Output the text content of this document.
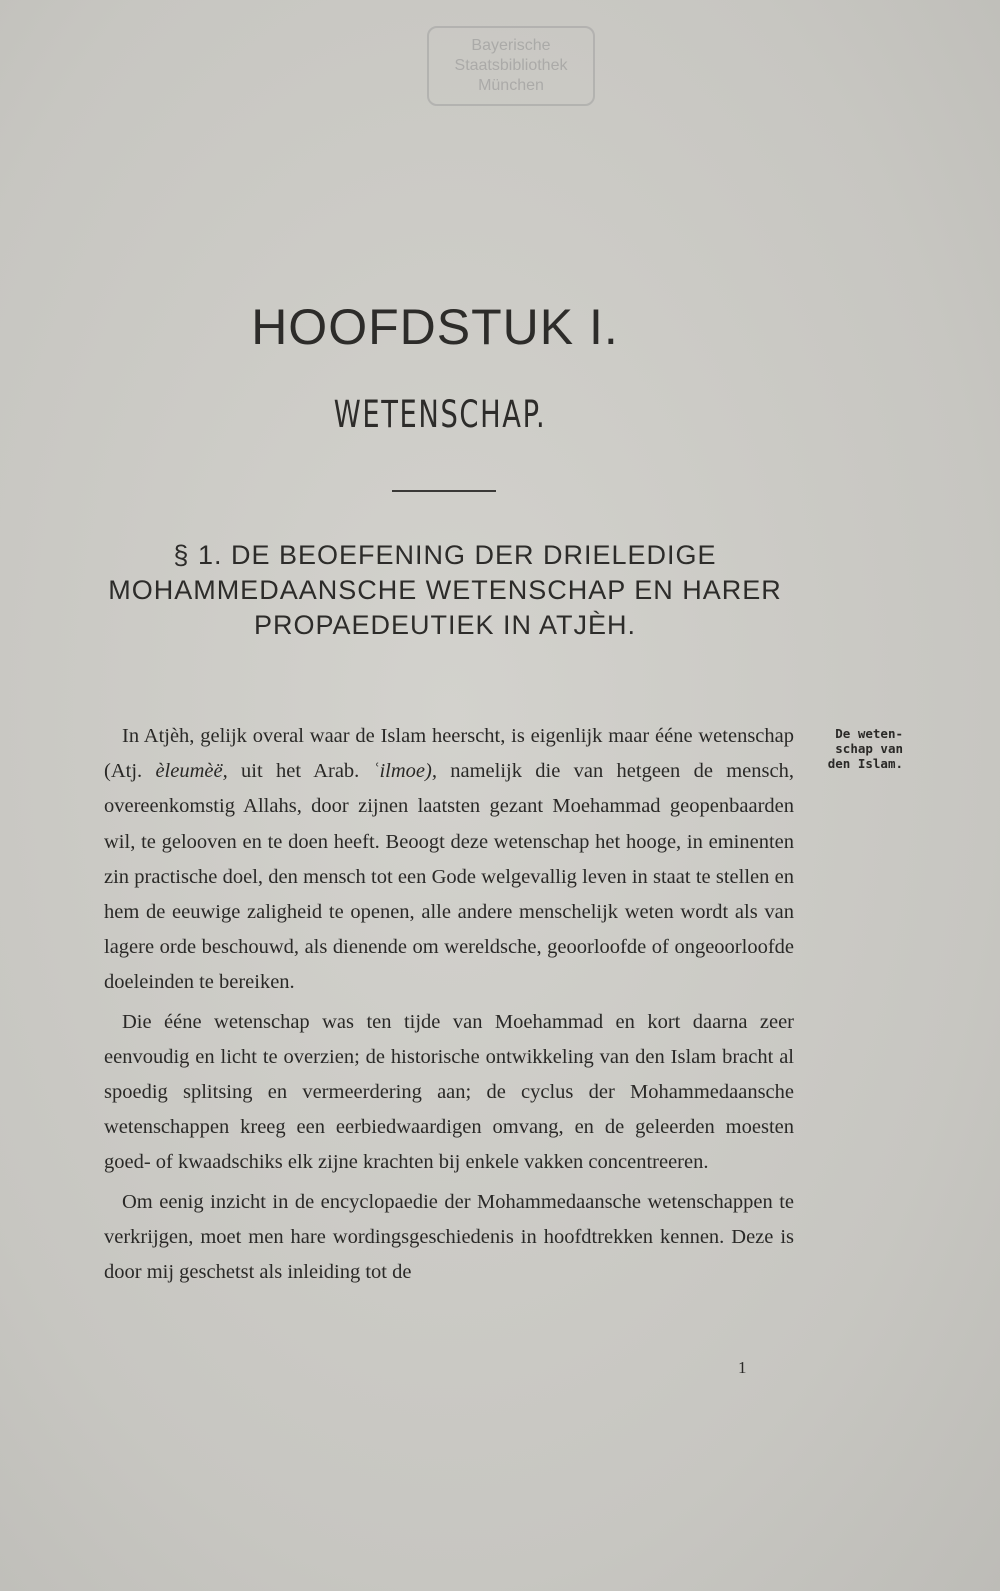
Bayerische
Staatsbibliothek
München
HOOFDSTUK I.
WETENSCHAP.
§ 1. DE BEOEFENING DER DRIELEDIGE MOHAMMEDAANSCHE WETENSCHAP EN HARER PROPAEDEUTIEK IN ATJÈH.

In Atjèh, gelijk overal waar de Islam heerscht, is eigenlijk maar ééne wetenschap (Atj. èleumèë, uit het Arab. ʿilmoe), namelijk die van hetgeen de mensch, overeenkomstig Allahs, door zijnen laatsten gezant Moehammad geopenbaarden wil, te gelooven en te doen heeft. Beoogt deze wetenschap het hooge, in eminenten zin practische doel, den mensch tot een Gode welgevallig leven in staat te stellen en hem de eeuwige zaligheid te openen, alle andere menschelijk weten wordt als van lagere orde beschouwd, als dienende om wereldsche, geoorloofde of ongeoorloofde doeleinden te bereiken.

Die ééne wetenschap was ten tijde van Moehammad en kort daarna zeer eenvoudig en licht te overzien; de historische ontwikkeling van den Islam bracht al spoedig splitsing en vermeerdering aan; de cyclus der Mohammedaansche wetenschappen kreeg een eerbiedwaardigen omvang, en de geleerden moesten goed- of kwaadschiks elk zijne krachten bij enkele vakken concentreeren.

Om eenig inzicht in de encyclopaedie der Mohammedaansche wetenschappen te verkrijgen, moet men hare wordingsgeschiedenis in hoofdtrekken kennen. Deze is door mij geschetst als inleiding tot de

De weten-
schap van
den Islam.
1
